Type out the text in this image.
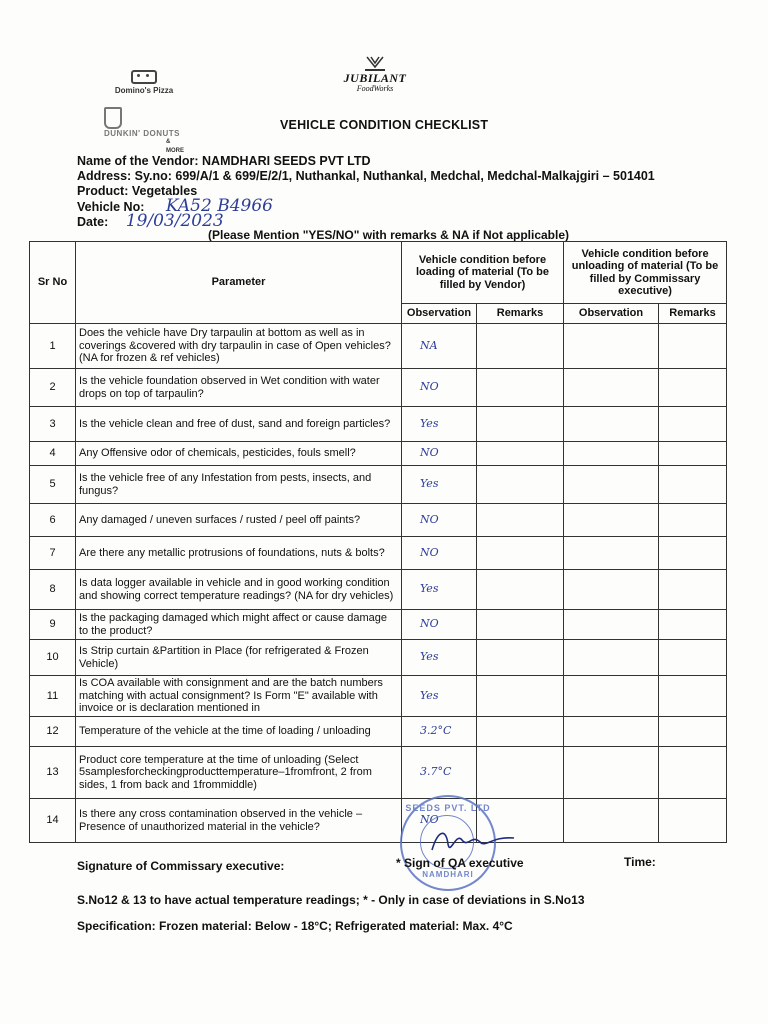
Domino's Pizza
DUNKIN' DONUTS
& MORE
JUBILANT
FoodWorks
VEHICLE CONDITION CHECKLIST
Name of the Vendor: NAMDHARI SEEDS PVT LTD
Address: Sy.no: 699/A/1 & 699/E/2/1, Nuthankal, Nuthankal, Medchal, Medchal-Malkajgiri – 501401
Product: Vegetables
Vehicle No: KA52 B4966
Date: 19/03/2023
(Please Mention "YES/NO" with remarks & NA if Not applicable)
Sr No	Parameter	Vehicle condition before loading of material (To be filled by Vendor)		Vehicle condition before unloading of material (To be filled by Commissary executive)	
		Observation	Remarks	Observation	Remarks
1	Does the vehicle have Dry tarpaulin at bottom as well as in coverings &covered with dry tarpaulin in case of Open vehicles?(NA for frozen & ref vehicles)	NA			
2	Is the vehicle foundation observed in Wet condition with water drops on top of tarpaulin?	NO			
3	Is the vehicle clean and free of dust, sand and foreign particles?	Yes			
4	Any Offensive odor of chemicals, pesticides, fouls smell?	NO			
5	Is the vehicle free of any Infestation from pests, insects, and fungus?	Yes			
6	Any damaged / uneven surfaces / rusted / peel off paints?	NO			
7	Are there any metallic protrusions of foundations, nuts & bolts?	NO			
8	Is data logger available in vehicle and in good working condition and showing correct temperature readings? (NA for dry vehicles)	Yes			
9	Is the packaging damaged which might affect or cause damage to the product?	NO			
10	Is Strip curtain &Partition in Place (for refrigerated & Frozen Vehicle)	Yes			
11	Is COA available with consignment and are the batch numbers matching with actual consignment? Is Form "E" available with invoice or is declaration mentioned in	Yes			
12	Temperature of the vehicle at the time of loading / unloading	3.2°C			
13	Product core temperature at the time of unloading (Select 5samplesforcheckingproducttemperature–1fromfront, 2 from sides, 1 from back and 1frommiddle)	3.7°C			
14	Is there any cross contamination observed in the vehicle – Presence of unauthorized material in the vehicle?	NO			
SEEDS PVT. LTD
NAMDHARI
Signature of Commissary executive:	* Sign of QA executive	Time:
S.No12 & 13 to have actual temperature readings; * - Only in case of deviations in S.No13
Specification: Frozen material: Below - 18°C; Refrigerated material: Max. 4°C
